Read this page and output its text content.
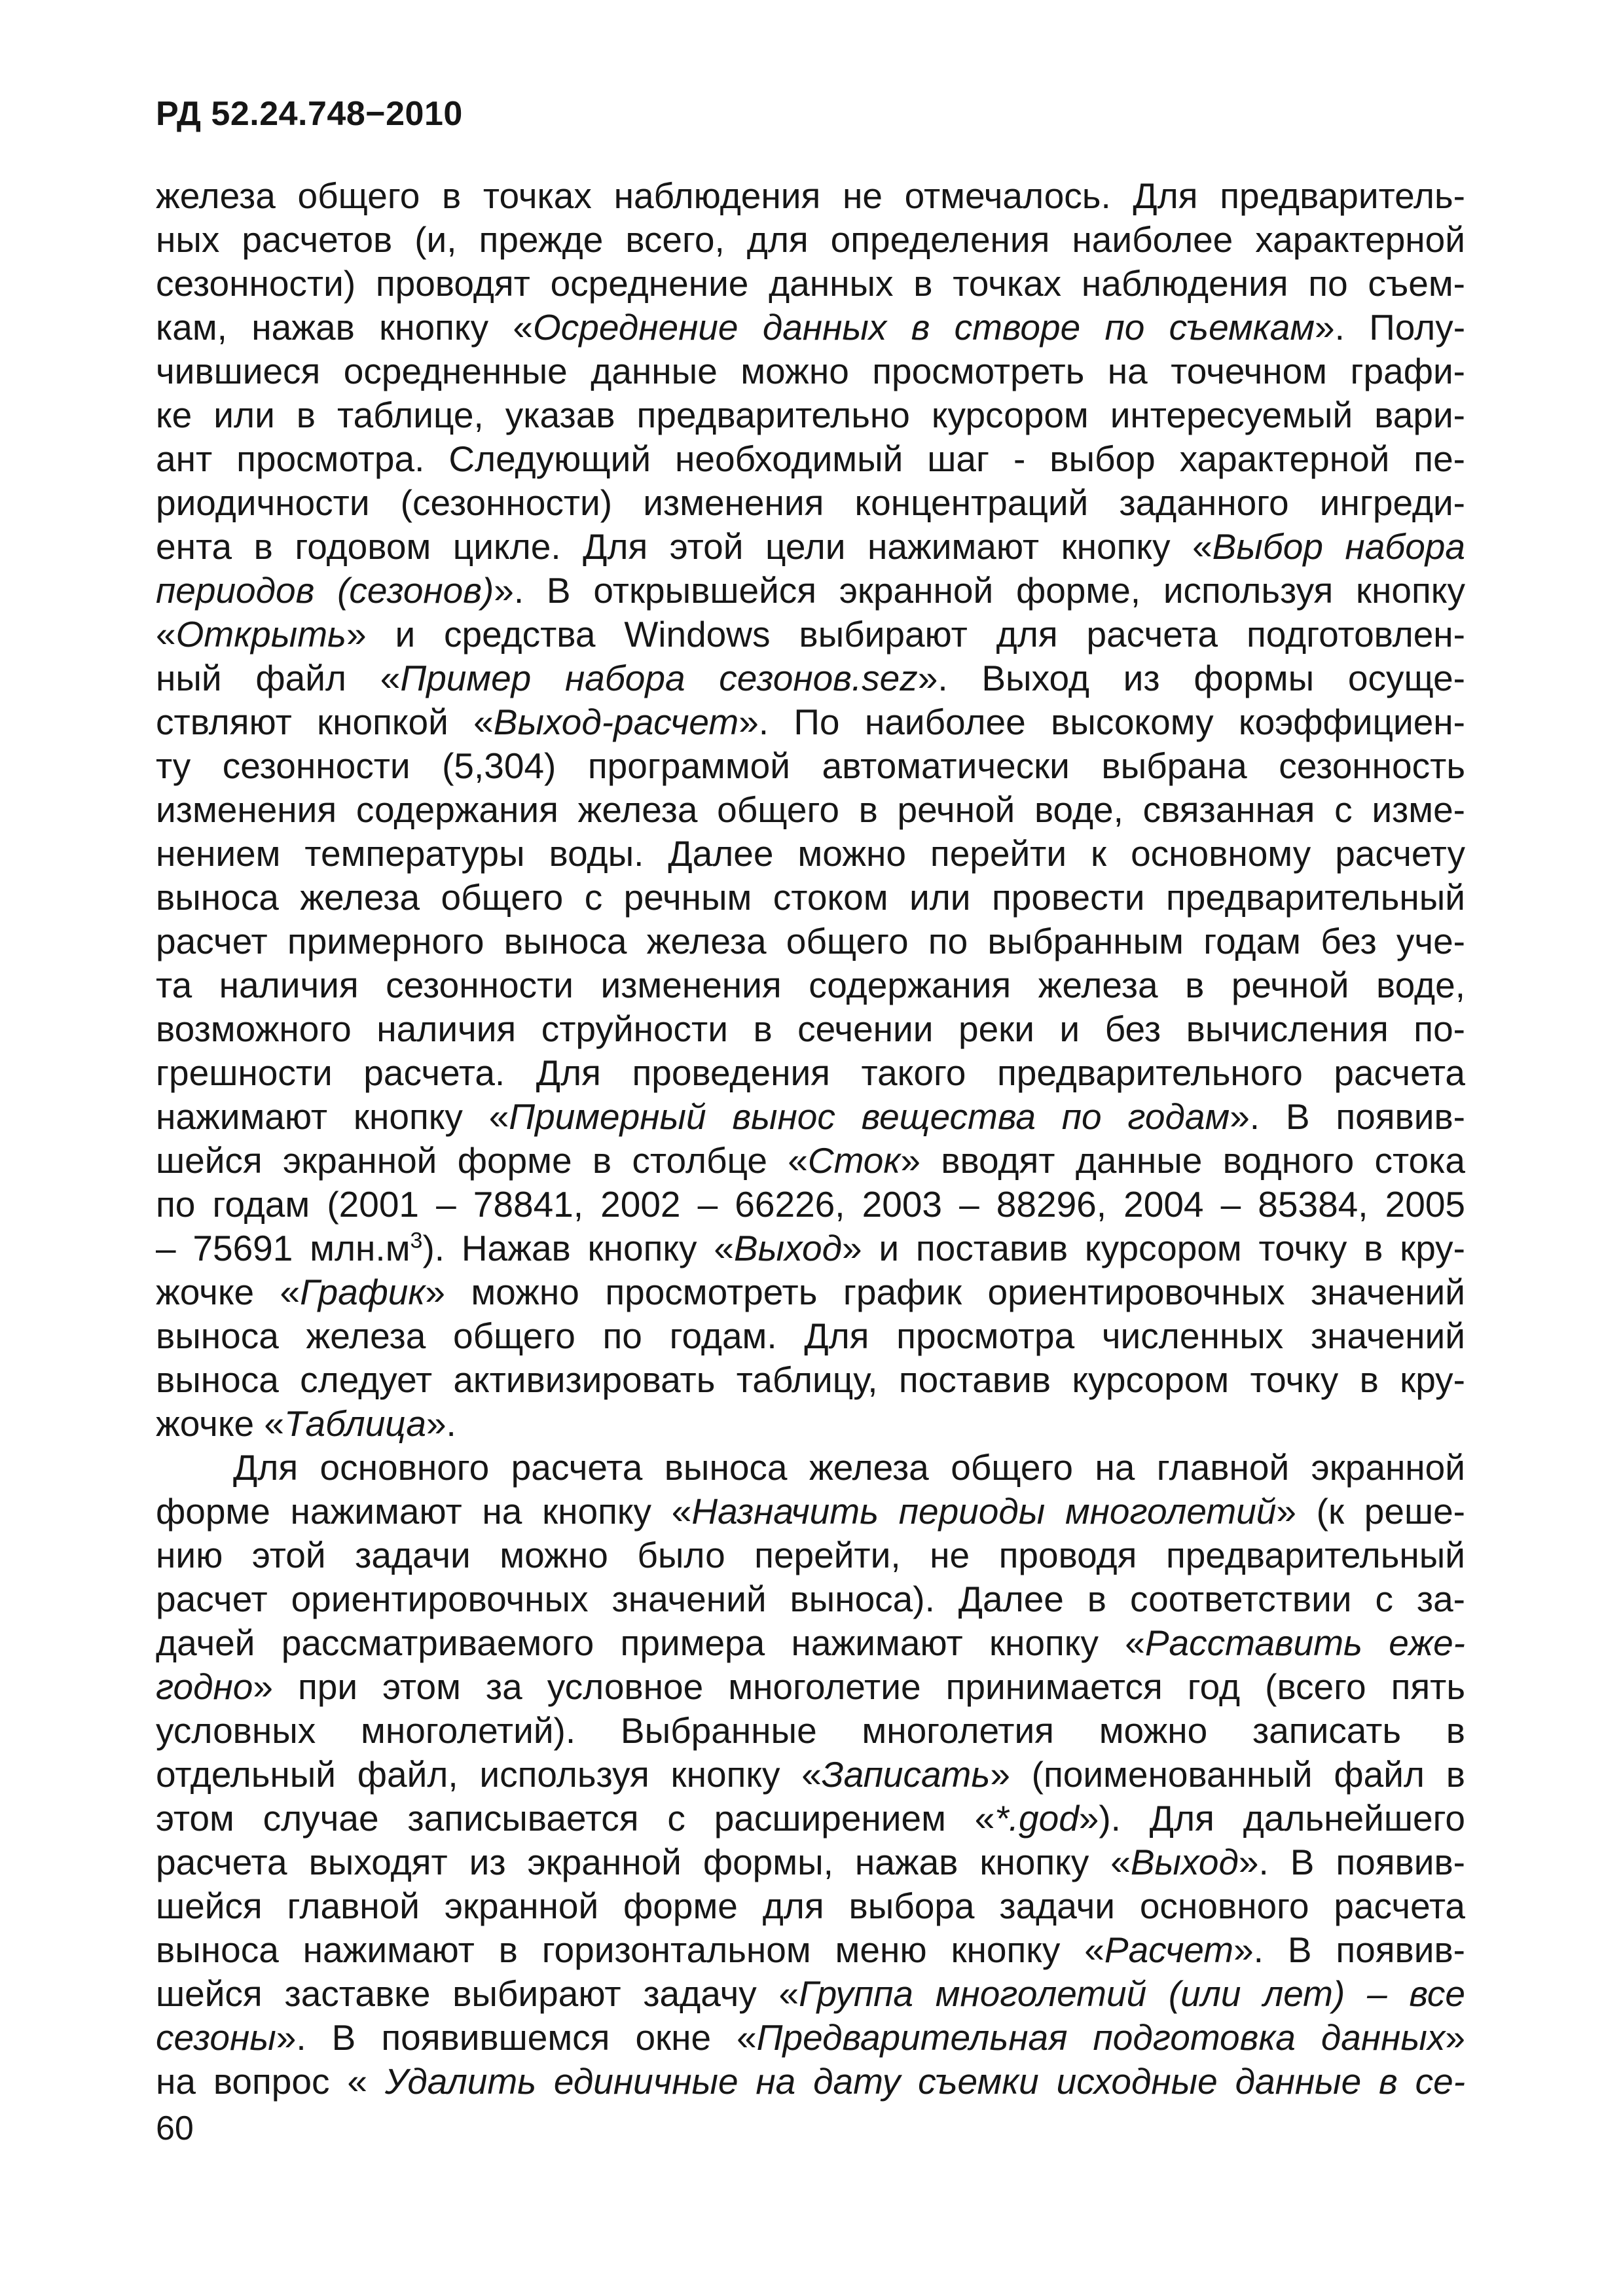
РД 52.24.748−2010
железа общего в точках наблюдения не отмечалось. Для предваритель-
ных расчетов (и, прежде всего, для определения наиболее характерной
сезонности) проводят осреднение данных в точках наблюдения по съем-
кам, нажав кнопку «Осреднение данных в створе по съемкам». Полу-
чившиеся осредненные данные можно просмотреть на точечном графи-
ке или в таблице, указав предварительно курсором интересуемый вари-
ант просмотра. Следующий необходимый шаг - выбор характерной пе-
риодичности (сезонности) изменения концентраций заданного ингреди-
ента в годовом цикле. Для этой цели нажимают кнопку «Выбор набора
периодов (сезонов)». В открывшейся экранной форме, используя кнопку
«Открыть» и средства Windows выбирают для расчета подготовлен-
ный файл «Пример набора сезонов.sez». Выход из формы осуще-
ствляют кнопкой «Выход-расчет». По наиболее высокому коэффициен-
ту сезонности (5,304) программой автоматически выбрана сезонность
изменения содержания железа общего в речной воде, связанная с изме-
нением температуры воды. Далее можно перейти к основному расчету
выноса железа общего с речным стоком или провести предварительный
расчет примерного выноса железа общего по выбранным годам без уче-
та наличия сезонности изменения содержания железа в речной воде,
возможного наличия струйности в сечении реки и без вычисления по-
грешности расчета. Для проведения такого предварительного расчета
нажимают кнопку «Примерный вынос вещества по годам». В появив-
шейся экранной форме в столбце «Сток» вводят данные водного стока
по годам (2001 – 78841, 2002 – 66226, 2003 – 88296, 2004 – 85384, 2005
– 75691 $млн.м^3$). Нажав кнопку «Выход» и поставив курсором точку в кру-
жочке «График» можно просмотреть график ориентировочных значений
выноса железа общего по годам. Для просмотра численных значений
выноса следует активизировать таблицу, поставив курсором точку в кру-
жочке «Таблица».
Для основного расчета выноса железа общего на главной экранной
форме нажимают на кнопку «Назначить периоды многолетий» (к реше-
нию этой задачи можно было перейти, не проводя предварительный
расчет ориентировочных значений выноса). Далее в соответствии с за-
дачей рассматриваемого примера нажимают кнопку «Расставить еже-
годно» при этом за условное многолетие принимается год (всего пять
условных многолетий). Выбранные многолетия можно записать в
отдельный файл, используя кнопку «Записать» (поименованный файл в
этом случае записывается с расширением «*.god»). Для дальнейшего
расчета выходят из экранной формы, нажав кнопку «Выход». В появив-
шейся главной экранной форме для выбора задачи основного расчета
выноса нажимают в горизонтальном меню кнопку «Расчет». В появив-
шейся заставке выбирают задачу «Группа многолетий (или лет) – все
сезоны». В появившемся окне «Предварительная подготовка данных»
на вопрос « Удалить единичные на дату съемки исходные данные в се-
60
